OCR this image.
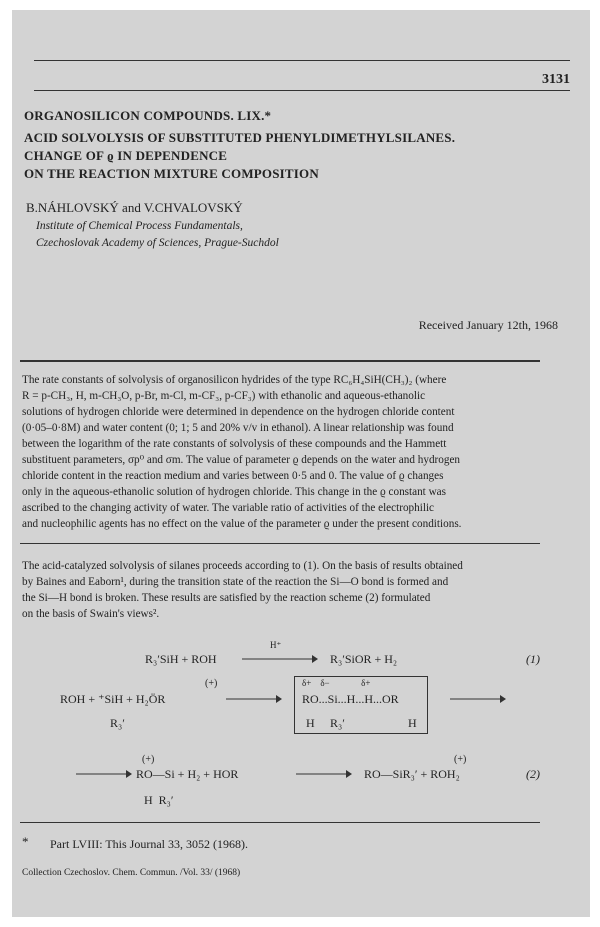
3131
ORGANOSILICON COMPOUNDS. LIX.*
ACID SOLVOLYSIS OF SUBSTITUTED PHENYLDIMETHYLSILANES.
CHANGE OF ϱ IN DEPENDENCE
ON THE REACTION MIXTURE COMPOSITION
B.NÁHLOVSKÝ and V.CHVALOVSKÝ
Institute of Chemical Process Fundamentals,
Czechoslovak Academy of Sciences, Prague-Suchdol
Received January 12th, 1968
The rate constants of solvolysis of organosilicon hydrides of the type RC₆H₄SiH(CH₃)₂ (where
R = p-CH₃, H, m-CH₃O, p-Br, m-Cl, m-CF₃, p-CF₃) with ethanolic and aqueous-ethanolic
solutions of hydrogen chloride were determined in dependence on the hydrogen chloride content
(0·05–0·8M) and water content (0; 1; 5 and 20% v/v in ethanol). A linear relationship was found
between the logarithm of the rate constants of solvolysis of these compounds and the Hammett
substituent parameters, σp⁰ and σm. The value of parameter ϱ depends on the water and hydrogen
chloride content in the reaction medium and varies between 0·5 and 0. The value of ϱ changes
only in the aqueous-ethanolic solution of hydrogen chloride. This change in the ϱ constant was
ascribed to the changing activity of water. The variable ratio of activities of the electrophilic
and nucleophilic agents has no effect on the value of the parameter ϱ under the present conditions.
The acid-catalyzed solvolysis of silanes proceeds according to (1). On the basis of results obtained
by Baines and Eaborn¹, during the transition state of the reaction the Si—O bond is formed and
the Si—H bond is broken. These results are satisfied by the reaction scheme (2) formulated
on the basis of Swain's views².
R₃′SiH + ROH
H⁺
R₃′SiOR + H₂	(1)
(+)
ROH + ⁺SiH + H₂ÖR
R₃′
δ+    δ−              δ+
RO...Si...H...H...OR
H R₃′	H
(+)
RO—Si + H₂ + HOR
H  R₃′
(+)
RO—SiR₃′ + ROH₂	(2)
* Part LVIII: This Journal 33, 3052 (1968).
Collection Czechoslov. Chem. Commun. /Vol. 33/ (1968)
